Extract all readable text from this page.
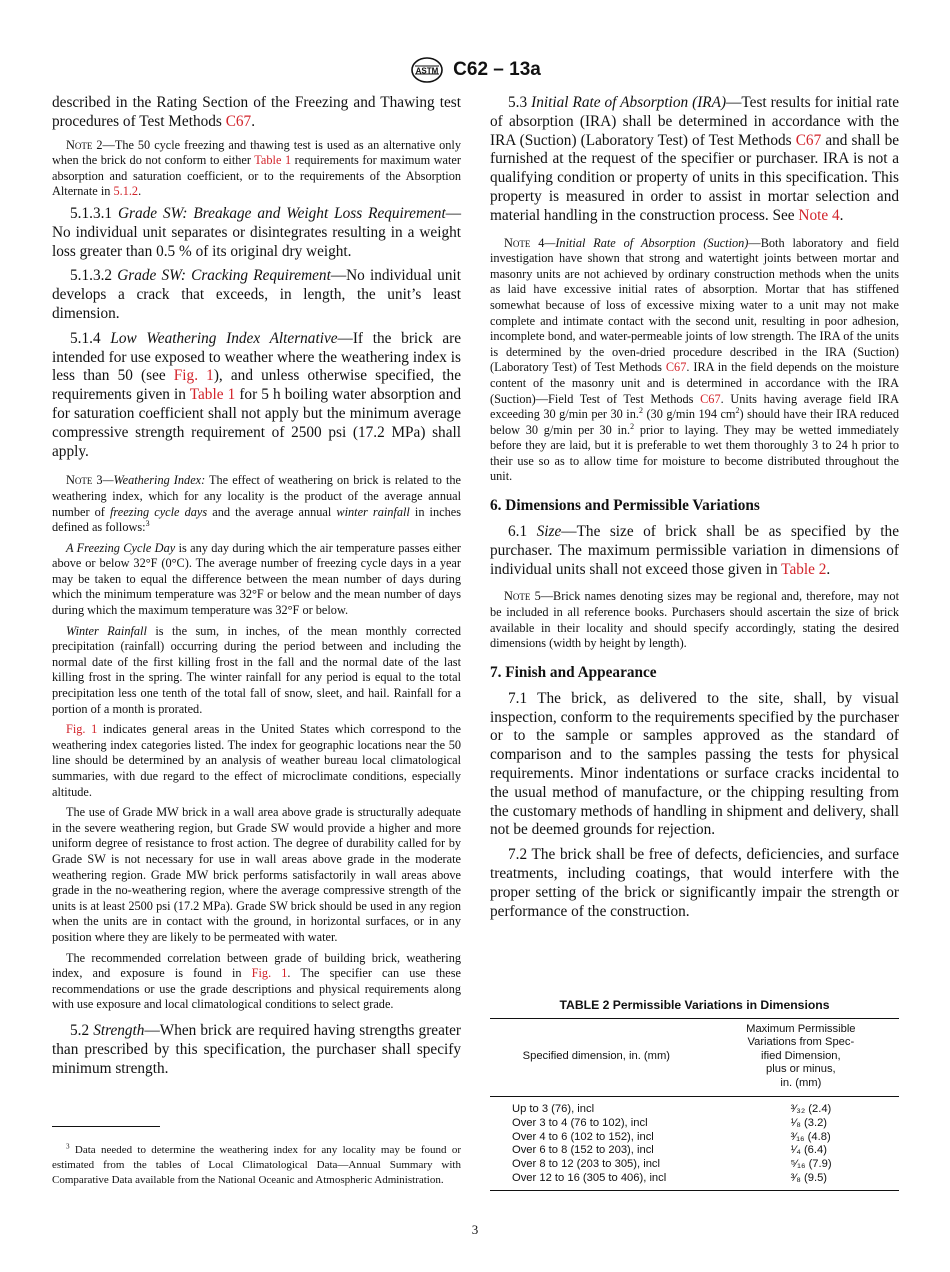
ASTM C62 – 13a

described in the Rating Section of the Freezing and Thawing test procedures of Test Methods C67.

Note 2—The 50 cycle freezing and thawing test is used as an alternative only when the brick do not conform to either Table 1 requirements for maximum water absorption and saturation coefficient, or to the requirements of the Absorption Alternate in 5.1.2.

5.1.3.1 Grade SW: Breakage and Weight Loss Requirement—No individual unit separates or disintegrates resulting in a weight loss greater than 0.5 % of its original dry weight.

5.1.3.2 Grade SW: Cracking Requirement—No individual unit develops a crack that exceeds, in length, the unit’s least dimension.

5.1.4 Low Weathering Index Alternative—If the brick are intended for use exposed to weather where the weathering index is less than 50 (see Fig. 1), and unless otherwise specified, the requirements given in Table 1 for 5 h boiling water absorption and for saturation coefficient shall not apply but the minimum average compressive strength requirement of 2500 psi (17.2 MPa) shall apply.

Note 3—Weathering Index: The effect of weathering on brick is related to the weathering index, which for any locality is the product of the average annual number of freezing cycle days and the average annual winter rainfall in inches defined as follows:$^3$

A Freezing Cycle Day is any day during which the air temperature passes either above or below 32°F (0°C). The average number of freezing cycle days in a year may be taken to equal the difference between the mean number of days during which the minimum temperature was 32°F or below and the mean number of days during which the maximum temperature was 32°F or below.

Winter Rainfall is the sum, in inches, of the mean monthly corrected precipitation (rainfall) occurring during the period between and including the normal date of the first killing frost in the fall and the normal date of the last killing frost in the spring. The winter rainfall for any period is equal to the total precipitation less one tenth of the total fall of snow, sleet, and hail. Rainfall for a portion of a month is prorated.

Fig. 1 indicates general areas in the United States which correspond to the weathering index categories listed. The index for geographic locations near the 50 line should be determined by an analysis of weather bureau local climatological summaries, with due regard to the effect of microclimate conditions, especially altitude.

The use of Grade MW brick in a wall area above grade is structurally adequate in the severe weathering region, but Grade SW would provide a higher and more uniform degree of resistance to frost action. The degree of durability called for by Grade SW is not necessary for use in wall areas above grade in the moderate weathering region. Grade MW brick performs satisfactorily in wall areas above grade in the no-weathering region, where the average compressive strength of the units is at least 2500 psi (17.2 MPa). Grade SW brick should be used in any region when the units are in contact with the ground, in horizontal surfaces, or in any position where they are likely to be permeated with water.

The recommended correlation between grade of building brick, weathering index, and exposure is found in Fig. 1. The specifier can use these recommendations or use the grade descriptions and physical requirements along with use exposure and local climatological conditions to select grade.

5.2 Strength—When brick are required having strengths greater than prescribed by this specification, the purchaser shall specify minimum strength.

$^3$ Data needed to determine the weathering index for any locality may be found or estimated from the tables of Local Climatological Data—Annual Summary with Comparative Data available from the National Oceanic and Atmospheric Administration.

5.3 Initial Rate of Absorption (IRA)—Test results for initial rate of absorption (IRA) shall be determined in accordance with the IRA (Suction) (Laboratory Test) of Test Methods C67 and shall be furnished at the request of the specifier or purchaser. IRA is not a qualifying condition or property of units in this specification. This property is measured in order to assist in mortar selection and material handling in the construction process. See Note 4.

Note 4—Initial Rate of Absorption (Suction)—Both laboratory and field investigation have shown that strong and watertight joints between mortar and masonry units are not achieved by ordinary construction methods when the units as laid have excessive initial rates of absorption. Mortar that has stiffened somewhat because of loss of excessive mixing water to a unit may not make complete and intimate contact with the second unit, resulting in poor adhesion, incomplete bond, and water-permeable joints of low strength. The IRA of the units is determined by the oven-dried procedure described in the IRA (Suction) (Laboratory Test) of Test Methods C67. IRA in the field depends on the moisture content of the masonry unit and is determined in accordance with the IRA (Suction)—Field Test of Test Methods C67. Units having average field IRA exceeding 30 g/min per 30 in.$^2$ (30 g/min 194 $cm^2$) should have their IRA reduced below 30 g/min per 30 in.$^2$ prior to laying. They may be wetted immediately before they are laid, but it is preferable to wet them thoroughly 3 to 24 h prior to their use so as to allow time for moisture to become distributed throughout the unit.

6. Dimensions and Permissible Variations

6.1 Size—The size of brick shall be as specified by the purchaser. The maximum permissible variation in dimensions of individual units shall not exceed those given in Table 2.

Note 5—Brick names denoting sizes may be regional and, therefore, may not be included in all reference books. Purchasers should ascertain the size of brick available in their locality and should specify accordingly, stating the desired dimensions (width by height by length).

7. Finish and Appearance

7.1 The brick, as delivered to the site, shall, by visual inspection, conform to the requirements specified by the purchaser or to the sample or samples approved as the standard of comparison and to the samples passing the tests for physical requirements. Minor indentations or surface cracks incidental to the usual method of manufacture, or the chipping resulting from the customary methods of handling in shipment and delivery, shall not be deemed grounds for rejection.

7.2 The brick shall be free of defects, deficiencies, and surface treatments, including coatings, that would interfere with the proper setting of the brick or significantly impair the strength or performance of the construction.

TABLE 2 Permissible Variations in Dimensions
Specified dimension, in. (mm)	Maximum Permissible
Variations from Spec-
ified Dimension,
plus or minus,
in. (mm)

Up to 3 (76), incl	³⁄₃₂ (2.4)
Over 3 to 4 (76 to 102), incl	¹⁄₈ (3.2)
Over 4 to 6 (102 to 152), incl	³⁄₁₆ (4.8)
Over 6 to 8 (152 to 203), incl	¹⁄₄ (6.4)
Over 8 to 12 (203 to 305), incl	⁵⁄₁₆ (7.9)
Over 12 to 16 (305 to 406), incl	³⁄₈ (9.5)
3
